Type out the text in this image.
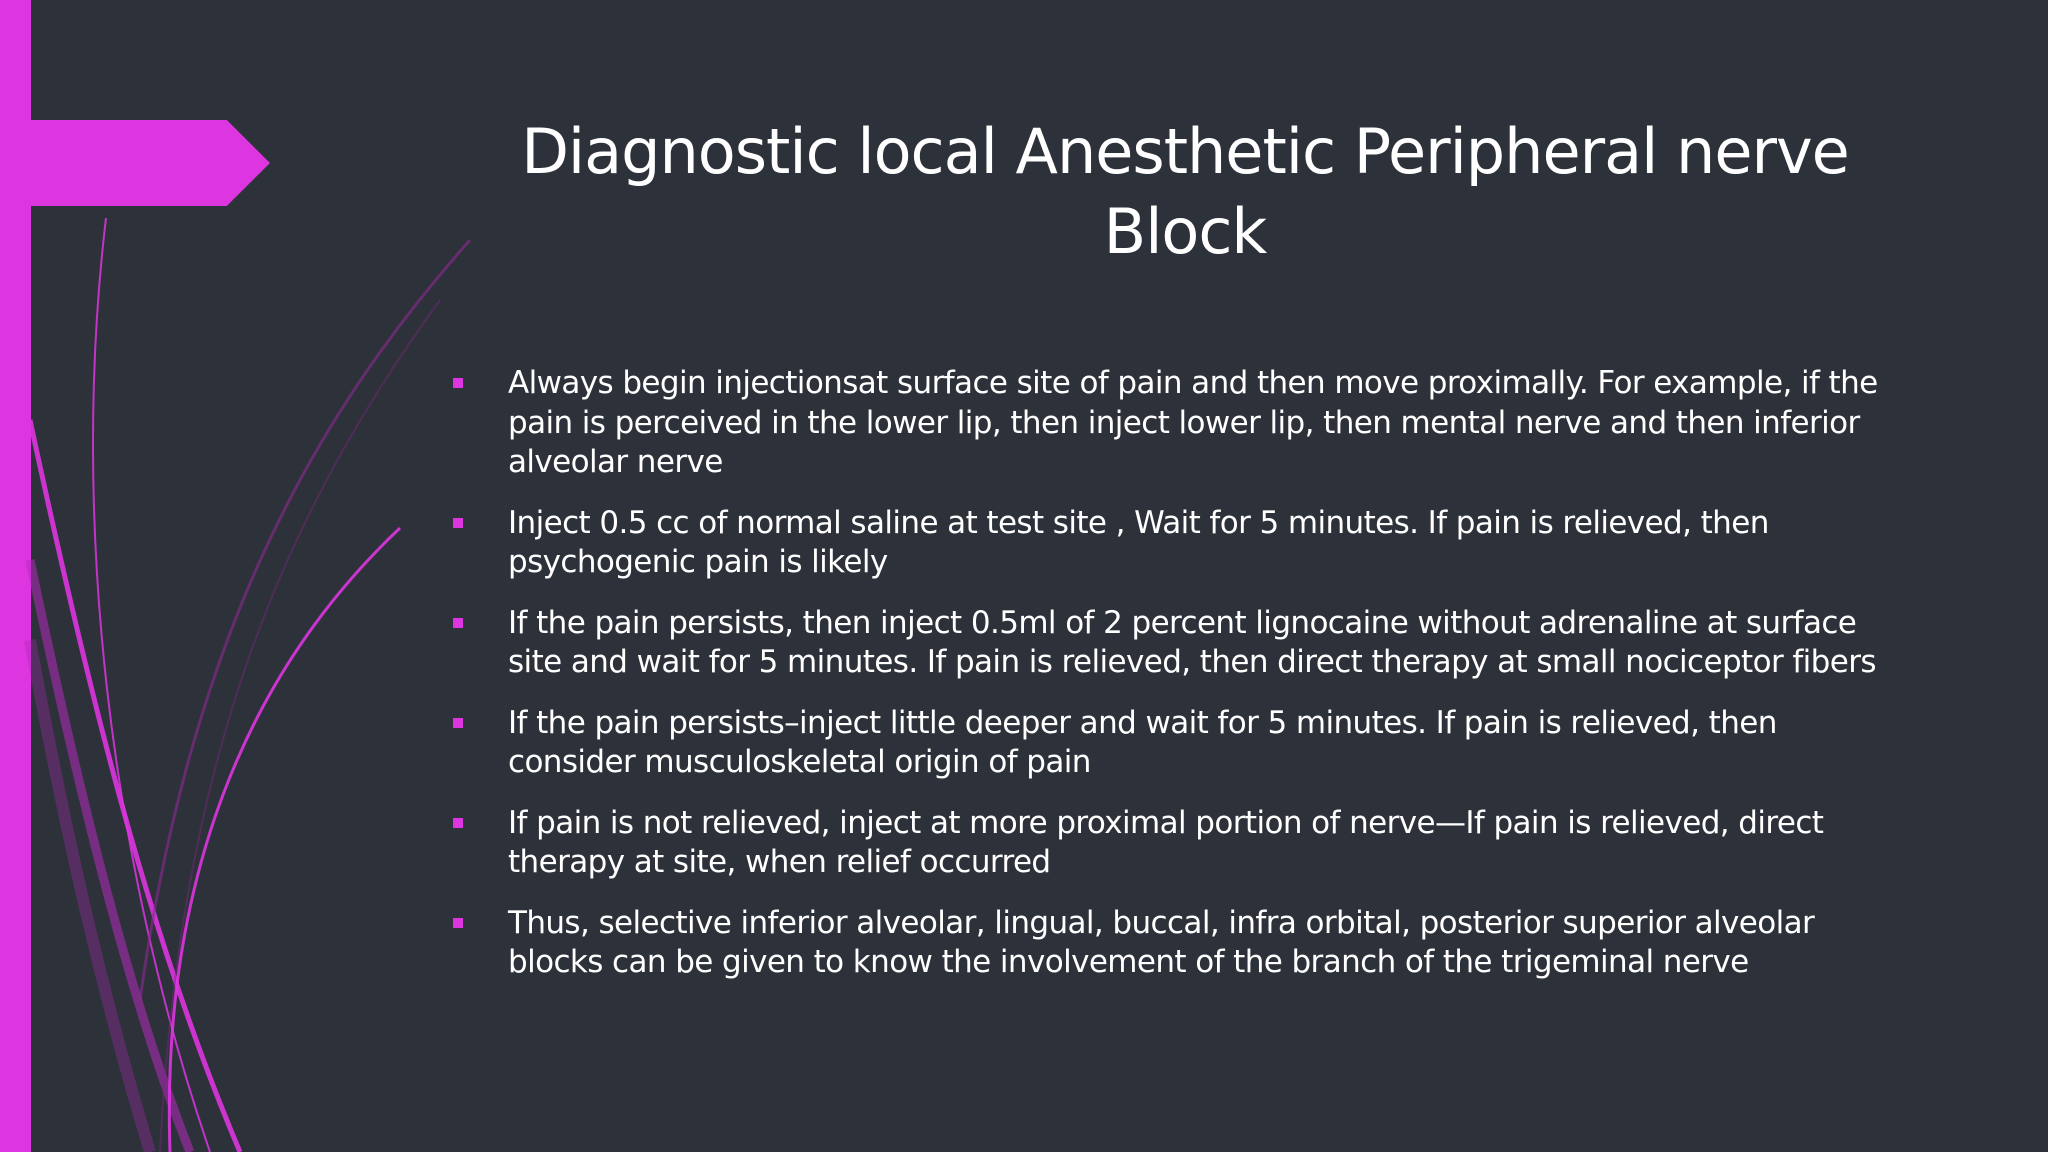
Diagnostic local Anesthetic Peripheral nerve Block
Always begin injectionsat surface site of pain and then move proximally. For example, if the pain is perceived in the lower lip, then inject lower lip, then mental nerve and then inferior alveolar nerve
Inject 0.5 cc of normal saline at test site , Wait for 5 minutes. If pain is relieved, then psychogenic pain is likely
If the pain persists, then inject 0.5ml of 2 percent lignocaine without adrenaline at surface site and wait for 5 minutes. If pain is relieved, then direct therapy at small nociceptor fibers
If the pain persists–inject little deeper and wait for 5 minutes. If pain is relieved, then consider musculoskeletal origin of pain
If pain is not relieved, inject at more proximal portion of nerve—If pain is relieved, direct therapy at site, when relief occurred
Thus, selective inferior alveolar, lingual, buccal, infra orbital, posterior superior alveolar blocks can be given to know the involvement of the branch of the trigeminal nerve
